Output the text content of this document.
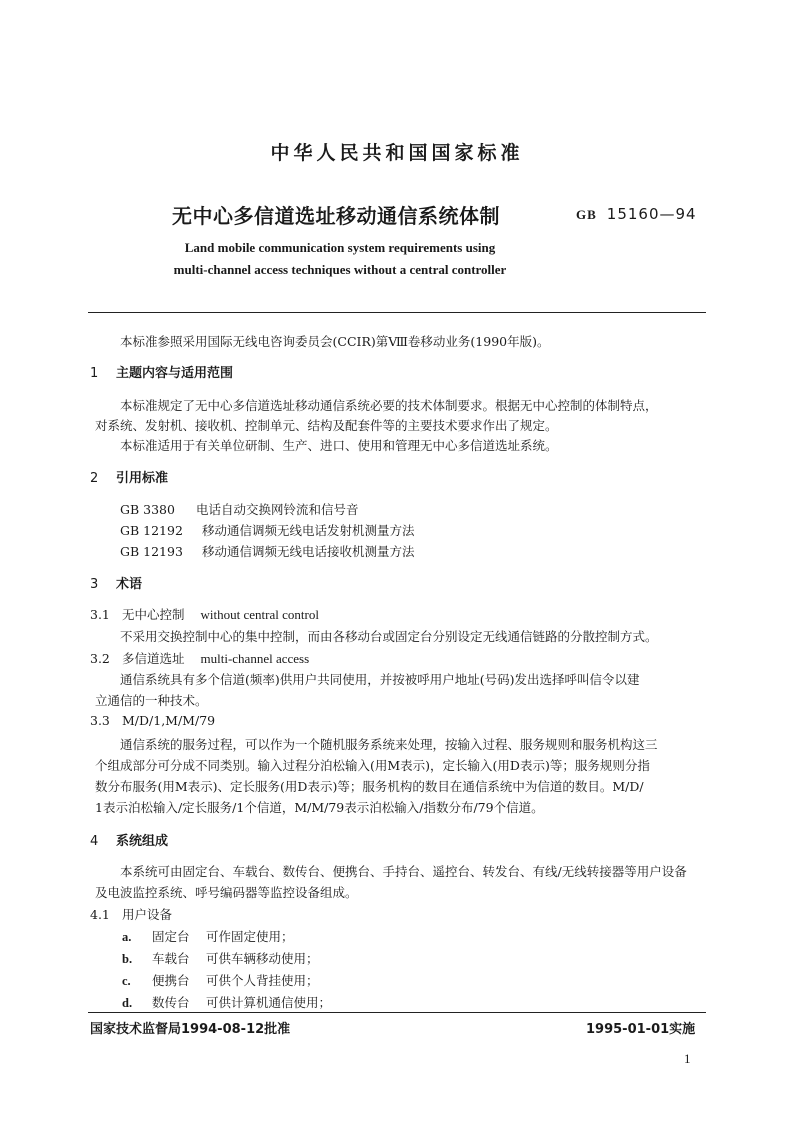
中华人民共和国国家标准
无中心多信道选址移动通信系统体制	GB 15160—94
Land mobile communication system requirements using
multi-channel access techniques without a central controller
本标准参照采用国际无线电咨询委员会(CCIR)第Ⅷ卷移动业务(1990年版)。
1 主题内容与适用范围
本标准规定了无中心多信道选址移动通信系统必要的技术体制要求。根据无中心控制的体制特点，
对系统、发射机、接收机、控制单元、结构及配套件等的主要技术要求作出了规定。
本标准适用于有关单位研制、生产、进口、使用和管理无中心多信道选址系统。
2 引用标准
GB 3380 电话自动交换网铃流和信号音
GB 12192 移动通信调频无线电话发射机测量方法
GB 12193 移动通信调频无线电话接收机测量方法
3 术语
3.1 无中心控制 without central control
不采用交换控制中心的集中控制，而由各移动台或固定台分别设定无线通信链路的分散控制方式。
3.2 多信道选址 multi-channel access
通信系统具有多个信道(频率)供用户共同使用，并按被呼用户地址(号码)发出选择呼叫信令以建
立通信的一种技术。
3.3 M/D/1,M/M/79
通信系统的服务过程，可以作为一个随机服务系统来处理，按输入过程、服务规则和服务机构这三
个组成部分可分成不同类别。输入过程分泊松输入(用M表示)，定长输入(用D表示)等；服务规则分指
数分布服务(用M表示)、定长服务(用D表示)等；服务机构的数目在通信系统中为信道的数目。M/D/
1表示泊松输入/定长服务/1个信道，M/M/79表示泊松输入/指数分布/79个信道。
4 系统组成
本系统可由固定台、车载台、数传台、便携台、手持台、遥控台、转发台、有线/无线转接器等用户设备
及电波监控系统、呼号编码器等监控设备组成。
4.1 用户设备
a. 固定台 可作固定使用；
b. 车载台 可供车辆移动使用；
c. 便携台 可供个人背挂使用；
d. 数传台 可供计算机通信使用；
国家技术监督局1994-08-12批准	1995-01-01实施
1
